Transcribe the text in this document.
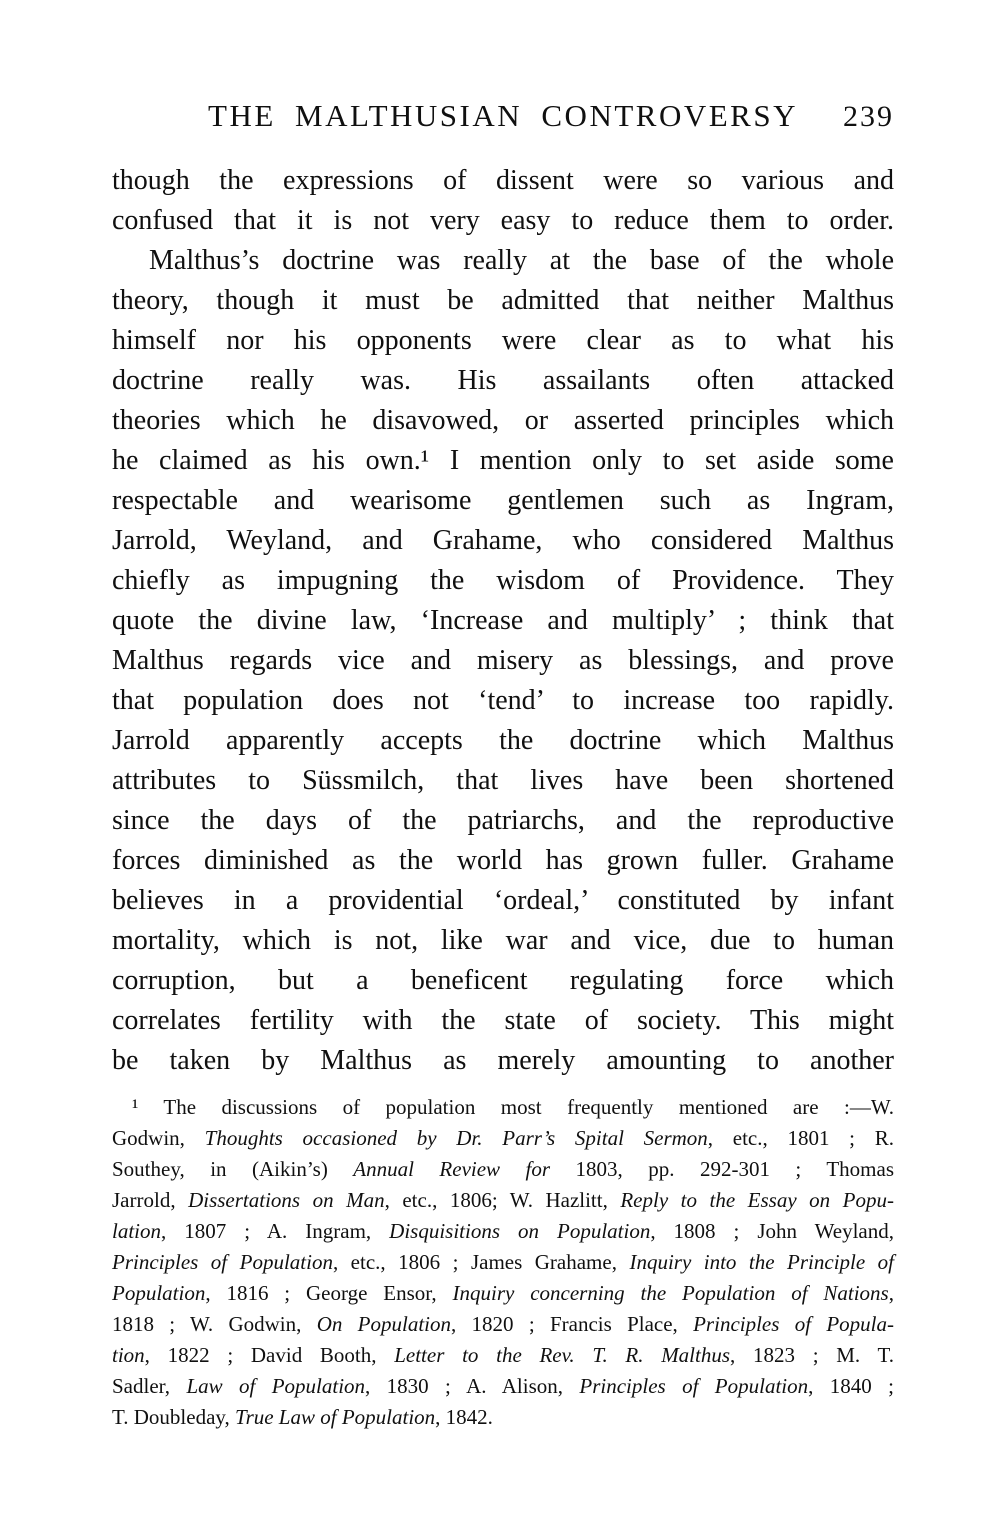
THE MALTHUSIAN CONTROVERSY 239
though the expressions of dissent were so various and
confused that it is not very easy to reduce them to order.
Malthus’s doctrine was really at the base of the whole
theory, though it must be admitted that neither Malthus
himself nor his opponents were clear as to what his
doctrine really was. His assailants often attacked
theories which he disavowed, or asserted principles which
he claimed as his own.¹ I mention only to set aside some
respectable and wearisome gentlemen such as Ingram,
Jarrold, Weyland, and Grahame, who considered Malthus
chiefly as impugning the wisdom of Providence. They
quote the divine law, ‘Increase and multiply’ ; think that
Malthus regards vice and misery as blessings, and prove
that population does not ‘tend’ to increase too rapidly.
Jarrold apparently accepts the doctrine which Malthus
attributes to Süssmilch, that lives have been shortened
since the days of the patriarchs, and the reproductive
forces diminished as the world has grown fuller. Grahame
believes in a providential ‘ordeal,’ constituted by infant
mortality, which is not, like war and vice, due to human
corruption, but a beneficent regulating force which
correlates fertility with the state of society. This might
be taken by Malthus as merely amounting to another
¹ The discussions of population most frequently mentioned are :—W.
Godwin, Thoughts occasioned by Dr. Parr’s Spital Sermon, etc., 1801 ; R.
Southey, in (Aikin’s) Annual Review for 1803, pp. 292-301 ; Thomas
Jarrold, Dissertations on Man, etc., 1806; W. Hazlitt, Reply to the Essay on Popu-
lation, 1807 ; A. Ingram, Disquisitions on Population, 1808 ; John Weyland,
Principles of Population, etc., 1806 ; James Grahame, Inquiry into the Principle of
Population, 1816 ; George Ensor, Inquiry concerning the Population of Nations,
1818 ; W. Godwin, On Population, 1820 ; Francis Place, Principles of Popula-
tion, 1822 ; David Booth, Letter to the Rev. T. R. Malthus, 1823 ; M. T.
Sadler, Law of Population, 1830 ; A. Alison, Principles of Population, 1840 ;
T. Doubleday, True Law of Population, 1842.
